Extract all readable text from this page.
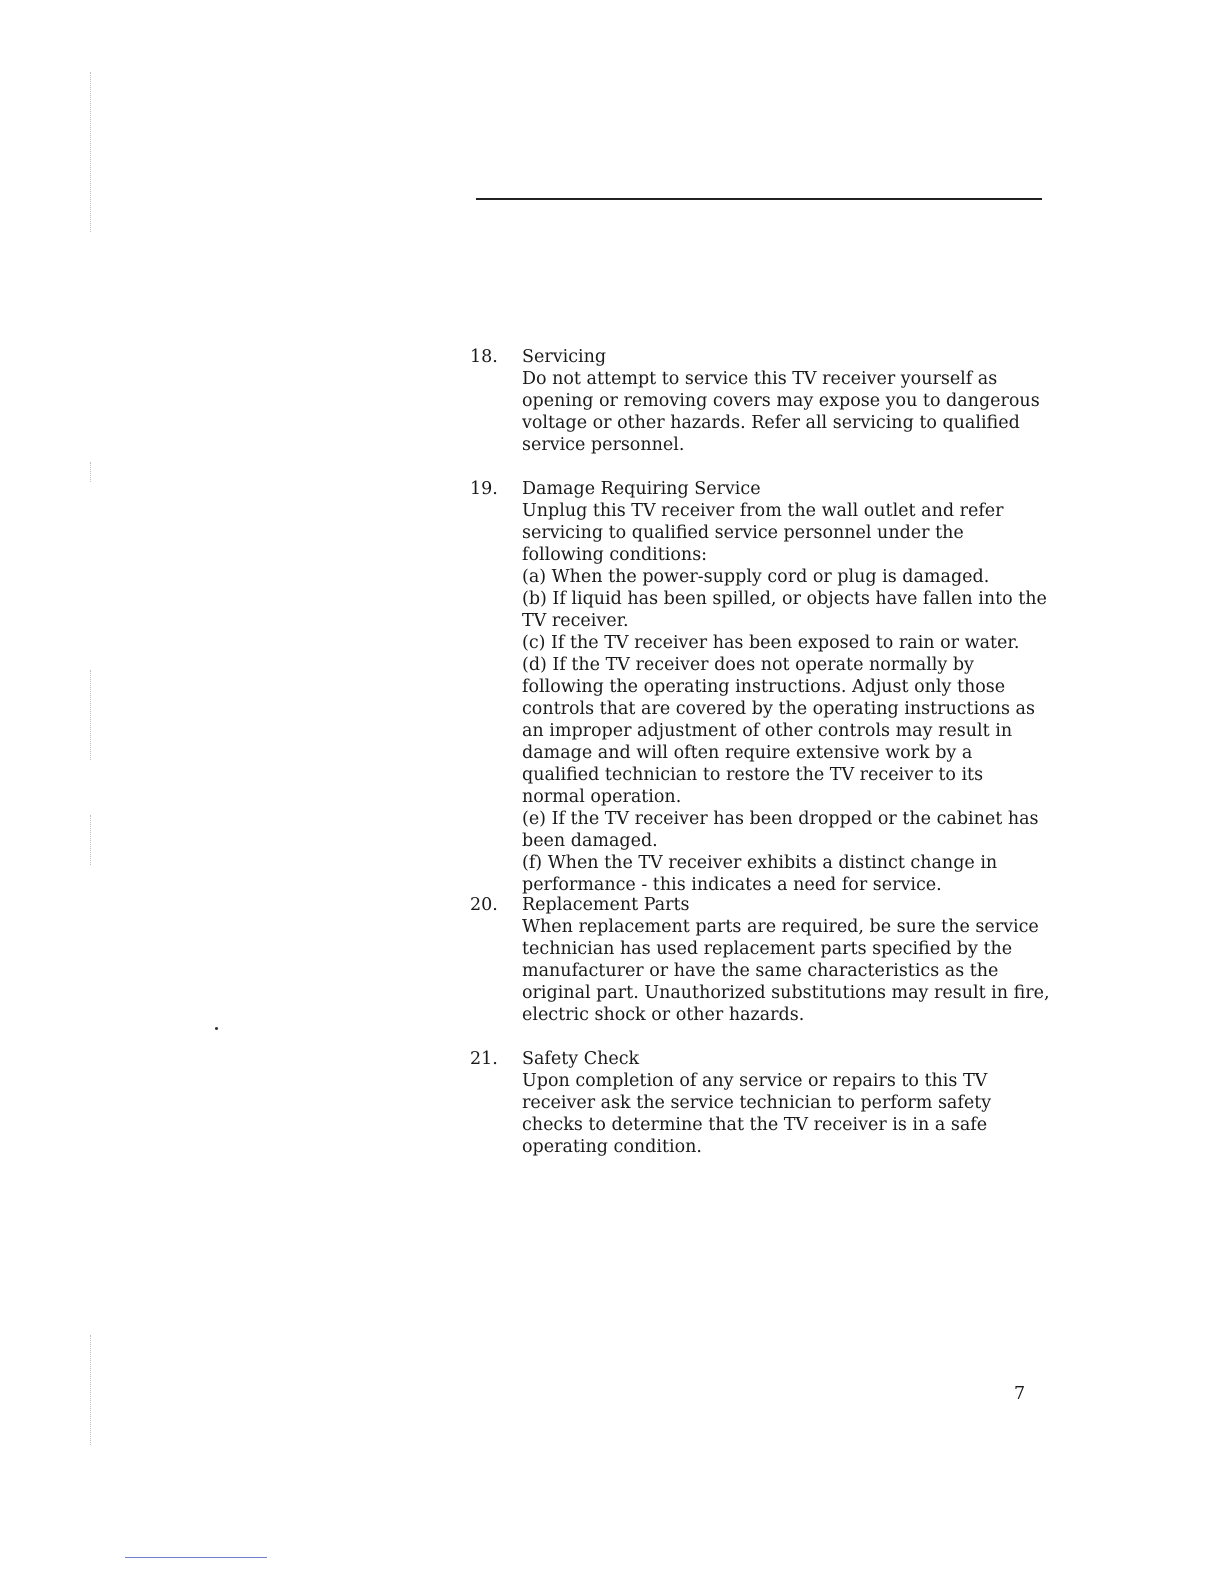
18.	Servicing
Do not attempt to service this TV receiver yourself as opening or removing covers may expose you to dangerous voltage or other hazards. Refer all servicing to qualified service personnel.
19.	Damage Requiring Service
Unplug this TV receiver from the wall outlet and refer servicing to qualified service personnel under the following conditions:
(a) When the power-supply cord or plug is damaged.
(b) If liquid has been spilled, or objects have fallen into the TV receiver.
(c) If the TV receiver has been exposed to rain or water.
(d) If the TV receiver does not operate normally by following the operating instructions. Adjust only those controls that are covered by the operating instructions as an improper adjustment of other controls may result in damage and will often require extensive work by a qualified technician to restore the TV receiver to its normal operation.
(e) If the TV receiver has been dropped or the cabinet has been damaged.
(f) When the TV receiver exhibits a distinct change in performance - this indicates a need for service.
20.	Replacement Parts
When replacement parts are required, be sure the service technician has used replacement parts specified by the manufacturer or have the same characteristics as the original part. Unauthorized substitutions may result in fire, electric shock or other hazards.
21.	Safety Check
Upon completion of any service or repairs to this TV receiver ask the service technician to perform safety checks to determine that the TV receiver is in a safe operating condition.
7
